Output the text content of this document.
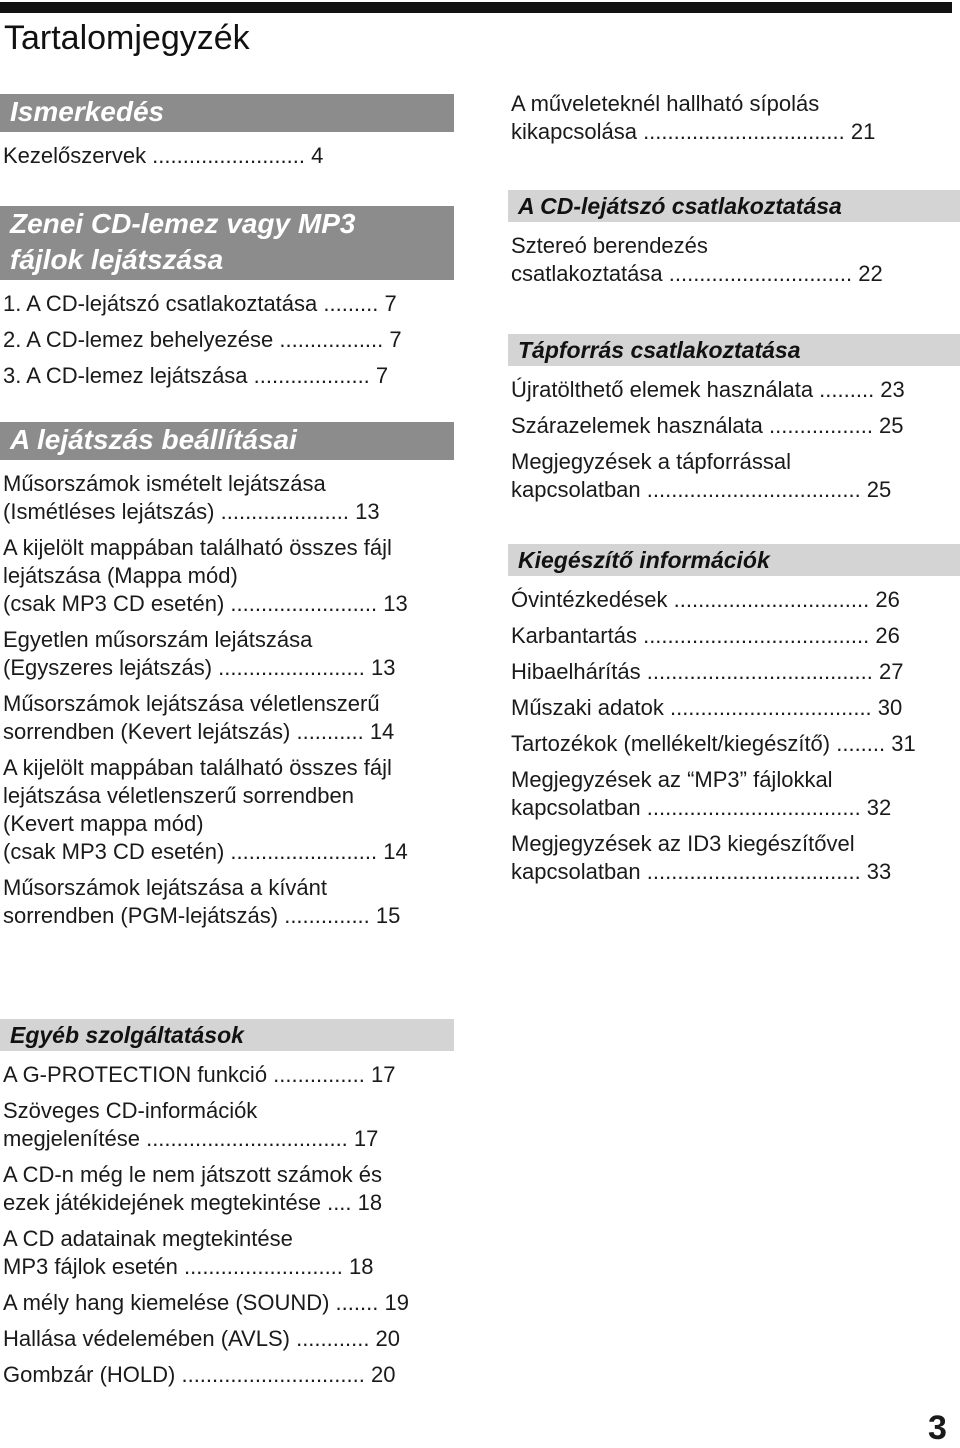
Tartalomjegyzék
Ismerkedés
Kezelőszervek ......................... 4
Zenei CD-lemez vagy MP3
fájlok lejátszása
1. A CD-lejátszó csatlakoztatása ......... 7
2. A CD-lemez behelyezése ................. 7
3. A CD-lemez lejátszása ................... 7
A lejátszás beállításai
Műsorszámok ismételt lejátszása
(Ismétléses lejátszás) ..................... 13
A kijelölt mappában található összes fájl
lejátszása (Mappa mód)
(csak MP3 CD esetén) ........................ 13
Egyetlen műsorszám lejátszása
(Egyszeres lejátszás) ........................ 13
Műsorszámok lejátszása véletlenszerű
sorrendben (Kevert lejátszás) ........... 14
A kijelölt mappában található összes fájl
lejátszása véletlenszerű sorrendben
(Kevert mappa mód)
(csak MP3 CD esetén) ........................ 14
Műsorszámok lejátszása a kívánt
sorrendben (PGM-lejátszás) .............. 15
Egyéb szolgáltatások
A G-PROTECTION funkció ............... 17
Szöveges CD-információk
megjelenítése ................................. 17
A CD-n még le nem játszott számok és
ezek játékidejének megtekintése .... 18
A CD adatainak megtekintése
MP3 fájlok esetén .......................... 18
A mély hang kiemelése (SOUND) ....... 19
Hallása védelemében (AVLS) ............ 20
Gombzár (HOLD) .............................. 20
A műveleteknél hallható sípolás
kikapcsolása ................................. 21
A CD-lejátszó csatlakoztatása
Sztereó berendezés
csatlakoztatása .............................. 22
Tápforrás csatlakoztatása
Újratölthető elemek használata ......... 23
Szárazelemek használata ................. 25
Megjegyzések a tápforrással
kapcsolatban ................................... 25
Kiegészítő információk
Óvintézkedések ................................ 26
Karbantartás ..................................... 26
Hibaelhárítás ..................................... 27
Műszaki adatok ................................. 30
Tartozékok (mellékelt/kiegészítő) ........ 31
Megjegyzések az “MP3” fájlokkal
kapcsolatban ................................... 32
Megjegyzések az ID3 kiegészítővel
kapcsolatban ................................... 33
3
